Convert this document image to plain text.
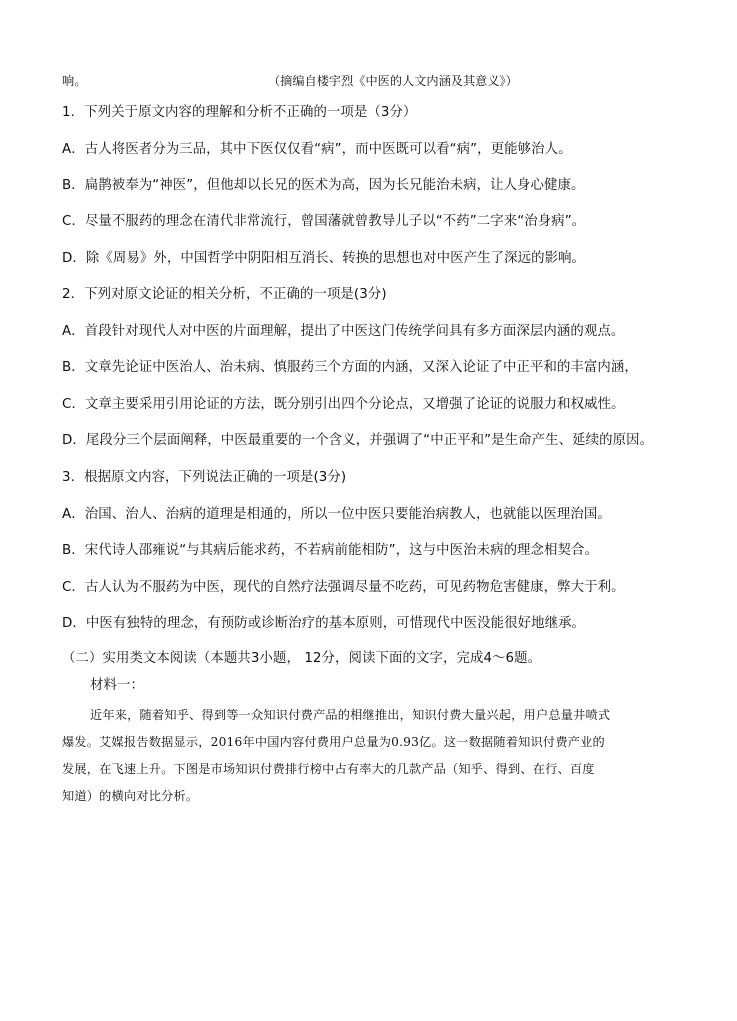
响。	（摘编自楼宇烈《中医的人文内涵及其意义》）
1．下列关于原文内容的理解和分析不正确的一项是（3分）
A．古人将医者分为三品，其中下医仅仅看“病”，而中医既可以看“病”，更能够治人。
B．扁鹊被奉为“神医”，但他却以长兄的医术为高，因为长兄能治未病，让人身心健康。
C．尽量不服药的理念在清代非常流行，曾国藩就曾教导儿子以“不药”二字来“治身病”。
D．除《周易》外，中国哲学中阴阳相互消长、转换的思想也对中医产生了深远的影响。
2．下列对原文论证的相关分析，不正确的一项是(3分)
A．首段针对现代人对中医的片面理解，提出了中医这门传统学问具有多方面深层内涵的观点。
B．文章先论证中医治人、治未病、慎服药三个方面的内涵，又深入论证了中正平和的丰富内涵，
C．文章主要采用引用论证的方法，既分别引出四个分论点，又增强了论证的说服力和权威性。
D．尾段分三个层面阐释，中医最重要的一个含义，并强调了“中正平和”是生命产生、延续的原因。
3．根据原文内容，下列说法正确的一项是(3分)
A．治国、治人、治病的道理是相通的，所以一位中医只要能治病教人，也就能以医理治国。
B．宋代诗人邵雍说“与其病后能求药，不若病前能相防”，这与中医治未病的理念相契合。
C．古人认为不服药为中医，现代的自然疗法强调尽量不吃药，可见药物危害健康，弊大于利。
D．中医有独特的理念，有预防或诊断治疗的基本原则，可惜现代中医没能很好地继承。
（二）实用类文本阅读（本题共3小题， 12分，阅读下面的文字，完成4～6题。
材料一：
近年来，随着知乎、得到等一众知识付费产品的相继推出，知识付费大量兴起，用户总量井喷式
爆发。艾媒报告数据显示，2016年中国内容付费用户总量为0.93亿。这一数据随着知识付费产业的
发展，在飞速上升。下图是市场知识付费排行榜中占有率大的几款产品（知乎、得到、在行、百度
知道）的横向对比分析。
